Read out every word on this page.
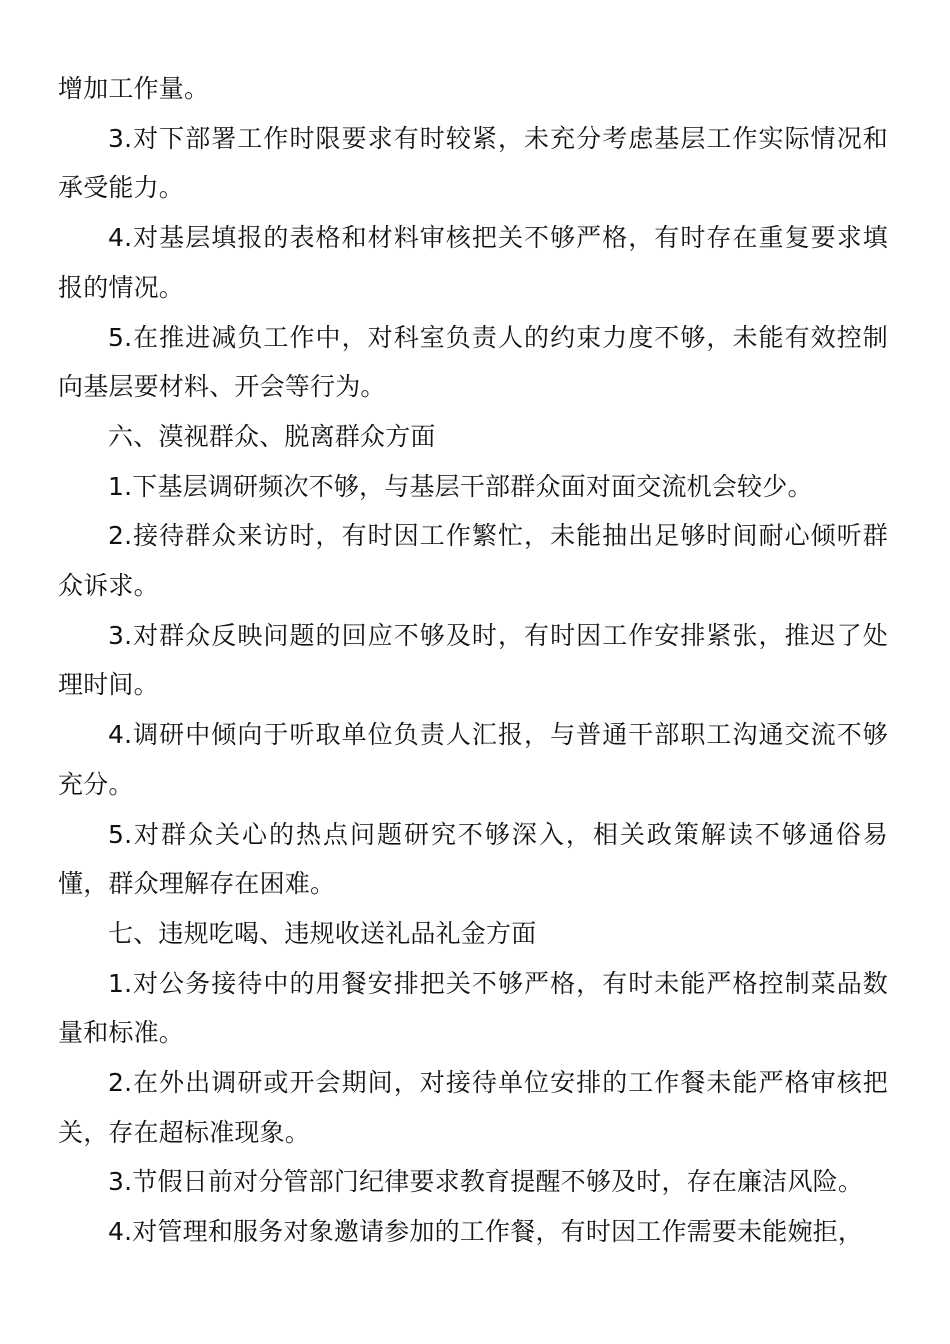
增加工作量。

3.对下部署工作时限要求有时较紧，未充分考虑基层工作实际情况和承受能力。

4.对基层填报的表格和材料审核把关不够严格，有时存在重复要求填报的情况。

5.在推进减负工作中，对科室负责人的约束力度不够，未能有效控制向基层要材料、开会等行为。

六、漠视群众、脱离群众方面

1.下基层调研频次不够，与基层干部群众面对面交流机会较少。

2.接待群众来访时，有时因工作繁忙，未能抽出足够时间耐心倾听群众诉求。

3.对群众反映问题的回应不够及时，有时因工作安排紧张，推迟了处理时间。

4.调研中倾向于听取单位负责人汇报，与普通干部职工沟通交流不够充分。

5.对群众关心的热点问题研究不够深入，相关政策解读不够通俗易懂，群众理解存在困难。

七、违规吃喝、违规收送礼品礼金方面

1.对公务接待中的用餐安排把关不够严格，有时未能严格控制菜品数量和标准。

2.在外出调研或开会期间，对接待单位安排的工作餐未能严格审核把关，存在超标准现象。

3.节假日前对分管部门纪律要求教育提醒不够及时，存在廉洁风险。

4.对管理和服务对象邀请参加的工作餐，有时因工作需要未能婉拒，
